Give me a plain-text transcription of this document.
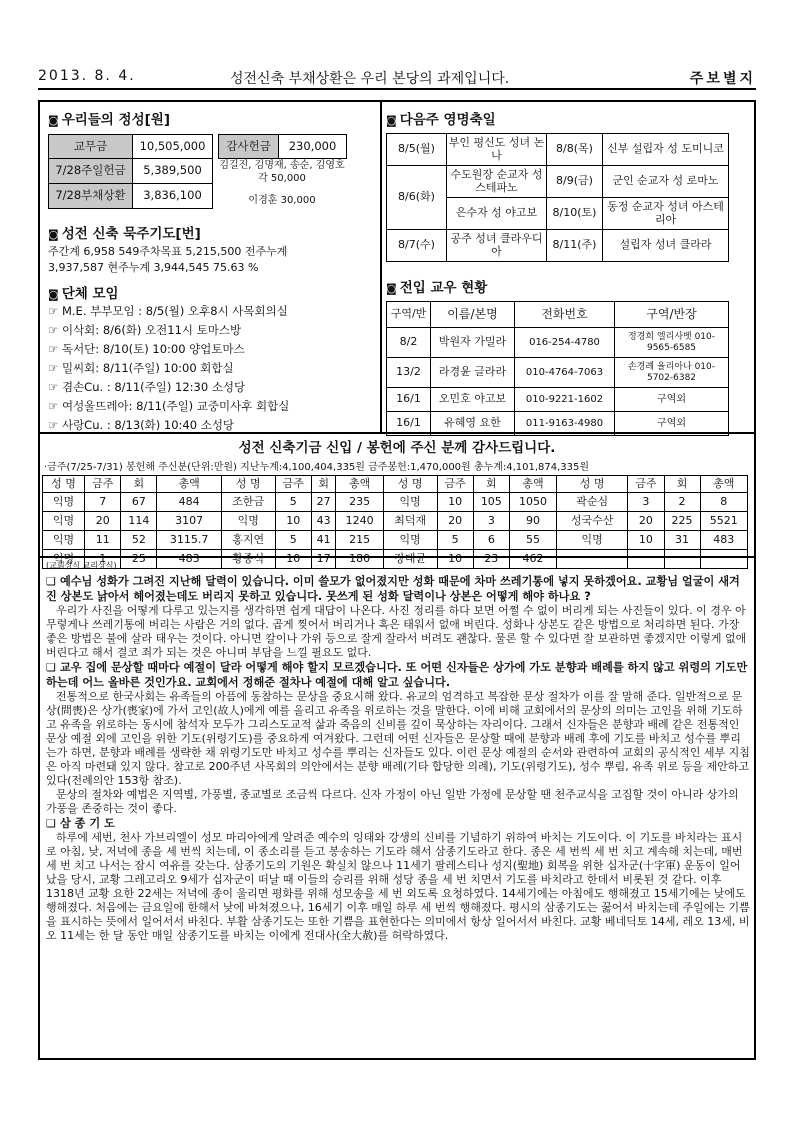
2013. 8. 4.	성전신축 부채상환은 우리 본당의 과제입니다.	주보별지
◙ 우리들의 정성[원]
교무금	10,505,000
7/28주일헌금	5,389,500
7/28부채상환	3,836,100
감사헌금	230,000
김길진, 김명재, 송순, 김영호
각 50,000
이경훈 30,000
◙ 성전 신축 묵주기도[번]
주간계 6,958 549주차목표 5,215,500 전주누계
3,937,587 현주누계 3,944,545 75.63 %
◙ 단체 모임
☞ M.E. 부부모임 : 8/5(월) 오후8시 사목회의실
☞ 이삭회: 8/6(화) 오전11시 토마스방
☞ 독서단: 8/10(토) 10:00 양업토마스
☞ 밀씨회: 8/11(주일) 10:00 회합실
☞ 겸손Cu. : 8/11(주일) 12:30 소성당
☞ 여성울뜨레아: 8/11(주일) 교중미사후 회합실
☞ 사랑Cu. : 8/13(화) 10:40 소성당
◙ 다음주 영명축일
8/5(월)	부인 평신도 성녀 논나	8/8(목)	신부 설립자 성 도미니코
8/6(화)	수도원장 순교자 성 스테파노	8/9(금)	군인 순교자 성 로마노
	은수자 성 야고보	8/10(토)	동정 순교자 성녀 아스테리아
8/7(수)	공주 성녀 클라우디아	8/11(주)	설립자 성녀 클라라
◙ 전입 교우 현황
구역/반	이름/본명	전화번호	구역/반장
8/2	박원자 가밀라	016-254-4780	정경희 엘리사벳 010-9565-6585
13/2	라경윤 글라라	010-4764-7063	손경례 율리아나 010-5702-6382
16/1	오민호 야고보	010-9221-1602	구역외
16/1	유혜영 요한	011-9163-4980	구역외
성전 신축기금 신입 / 봉헌에 주신 분께 감사드립니다.
·금주(7/25-7/31) 봉헌해 주신분(단위:만원) 지난누계:4,100,404,335원 금주봉헌:1,470,000원 총누계:4,101,874,335원
성 명	금주	회	총액	성 명	금주	회	총액	성 명	금주	회	총액	성 명	금주	회	총액
익명	7	67	484	조한금	5	27	235	익명	10	105	1050	곽순심	3	2	8
익명	20	114	3107	익명	10	43	1240	최덕재	20	3	90	성국수산	20	225	5521
익명	11	52	3115.7	홍지연	5	41	215	익명	5	6	55	익명	10	31	483
익명	1	25	483	황종식	10	17	180	장대균	10	23	462				
(교회상식 교리상식)
❏ 예수님 성화가 그려진 지난해 달력이 있습니다. 이미 쓸모가 없어졌지만 성화 때문에 차마 쓰레기통에 넣지 못하겠어요. 교황님 얼굴이 새겨진 상본도 낡아서 헤어졌는데도 버리지 못하고 있습니다. 못쓰게 된 성화 달력이나 상본은 어떻게 해야 하나요 ?
우리가 사진을 어떻게 다루고 있는지를 생각하면 쉽게 대답이 나온다. 사진 정리를 하다 보면 어쩔 수 없이 버리게 되는 사진들이 있다. 이 경우 아무렇게나 쓰레기통에 버리는 사람은 거의 없다. 곱게 찢어서 버리거나 혹은 태워서 없애 버린다. 성화나 상본도 같은 방법으로 처리하면 된다. 가장 좋은 방법은 불에 살라 태우는 것이다. 아니면 칼이나 가위 등으로 잘게 잘라서 버려도 괜찮다. 물론 할 수 있다면 잘 보관하면 좋겠지만 이렇게 없애 버린다고 해서 결코 죄가 되는 것은 아니며 부담을 느낄 필요도 없다.
❏ 교우 집에 문상할 때마다 예절이 달라 어떻게 해야 할지 모르겠습니다. 또 어떤 신자들은 상가에 가도 분향과 배례를 하지 않고 위령의 기도만 하는데 어느 올바른 것인가요. 교회에서 정해준 절차나 예절에 대해 알고 싶습니다.
전통적으로 한국사회는 유족들의 아픔에 동참하는 문상을 중요시해 왔다. 유교의 엄격하고 복잡한 문상 절차가 이를 잘 말해 준다. 일반적으로 문상(問喪)은 상가(喪家)에 가서 고인(故人)에게 예를 올리고 유족을 위로하는 것을 말한다. 이에 비해 교회에서의 문상의 의미는 고인을 위해 기도하고 유족을 위로하는 동시에 참석자 모두가 그리스도교적 삶과 죽음의 신비를 깊이 묵상하는 자리이다. 그래서 신자들은 분향과 배례 같은 전통적인 문상 예절 외에 고인을 위한 기도(위령기도)를 중요하게 여겨왔다. 그런데 어떤 신자들은 문상할 때에 분향과 배례 후에 기도를 바치고 성수를 뿌리는가 하면, 분향과 배례를 생략한 채 위령기도만 바치고 성수를 뿌리는 신자들도 있다. 이런 문상 예절의 순서와 관련하여 교회의 공식적인 세부 지침은 아직 마련돼 있지 않다. 참고로 200주년 사목회의 의안에서는 분향 배례(기타 합당한 의례), 기도(위령기도), 성수 뿌림, 유족 위로 등을 제안하고 있다(전례의안 153항 참조).
문상의 절차와 예법은 지역별, 가풍별, 종교별로 조금씩 다르다. 신자 가정이 아닌 일반 가정에 문상할 땐 천주교식을 고집할 것이 아니라 상가의 가풍을 존중하는 것이 좋다.
❏ 삼 종 기 도
하루에 세번, 천사 가브리엘이 성모 마리아에게 알려준 예수의 잉태와 강생의 신비를 기념하기 위하여 바치는 기도이다. 이 기도를 바치라는 표시로 아침, 낮, 저녁에 종을 세 번씩 치는데, 이 종소리를 듣고 봉송하는 기도라 해서 삼종기도라고 한다. 종은 세 번씩 세 번 치고 계속해 치는데, 매번 세 번 치고 나서는 잠시 여유를 갖는다. 삼종기도의 기원은 확실치 않으나 11세기 팔레스티나 성지(聖地) 회복을 위한 십자군(十字軍) 운동이 일어났을 당시, 교황 그레고리오 9세가 십자군이 떠날 때 이들의 승리를 위해 성당 종을 세 번 치면서 기도를 바치라고 한데서 비롯된 것 같다. 이후 1318년 교황 요한 22세는 저녁에 종이 울리면 평화를 위해 성모송을 세 번 외도록 요청하였다. 14세기에는 아침에도 행해졌고 15세기에는 낮에도 행해졌다. 처음에는 금요일에 한해서 낮에 바쳐졌으나, 16세기 이후 매일 하루 세 번씩 행해졌다. 평시의 삼종기도는 꿇어서 바치는데 주일에는 기쁨을 표시하는 뜻에서 일어서서 바친다. 부활 삼종기도는 또한 기쁨을 표현한다는 의미에서 항상 일어서서 바친다. 교황 베네딕토 14세, 레오 13세, 비오 11세는 한 달 동안 매일 삼종기도를 바치는 이에게 전대사(全大赦)를 허락하였다.
